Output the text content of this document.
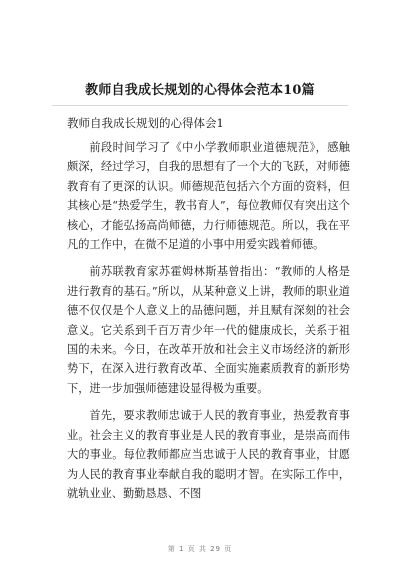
教师自我成长规划的心得体会范本10篇
教师自我成长规划的心得体会1

前段时间学习了《中小学教师职业道德规范》，感触颇深，经过学习，自我的思想有了一个大的飞跃，对师德教育有了更深的认识。师德规范包括六个方面的资料，但其核心是“热爱学生，教书育人”，每位教师仅有突出这个核心，才能弘扬高尚师德，力行师德规范。所以，我在平凡的工作中，在微不足道的小事中用爱实践着师德。

前苏联教育家苏霍姆林斯基曾指出：“教师的人格是进行教育的基石。”所以，从某种意义上讲，教师的职业道德不仅仅是个人意义上的品德问题，并且赋有深刻的社会意义。它关系到千百万青少年一代的健康成长，关系于祖国的未来。今日，在改革开放和社会主义市场经济的新形势下，在深入进行教育改革、全面实施素质教育的新形势下，进一步加强师德建设显得极为重要。

首先，要求教师忠诚于人民的教育事业，热爱教育事业。社会主义的教育事业是人民的教育事业，是崇高而伟大的事业。每位教师都应当忠诚于人民的教育事业，甘愿为人民的教育事业奉献自我的聪明才智。在实际工作中，就轨业业、勤勤恳恳、不图

第 1 页 共 29 页
